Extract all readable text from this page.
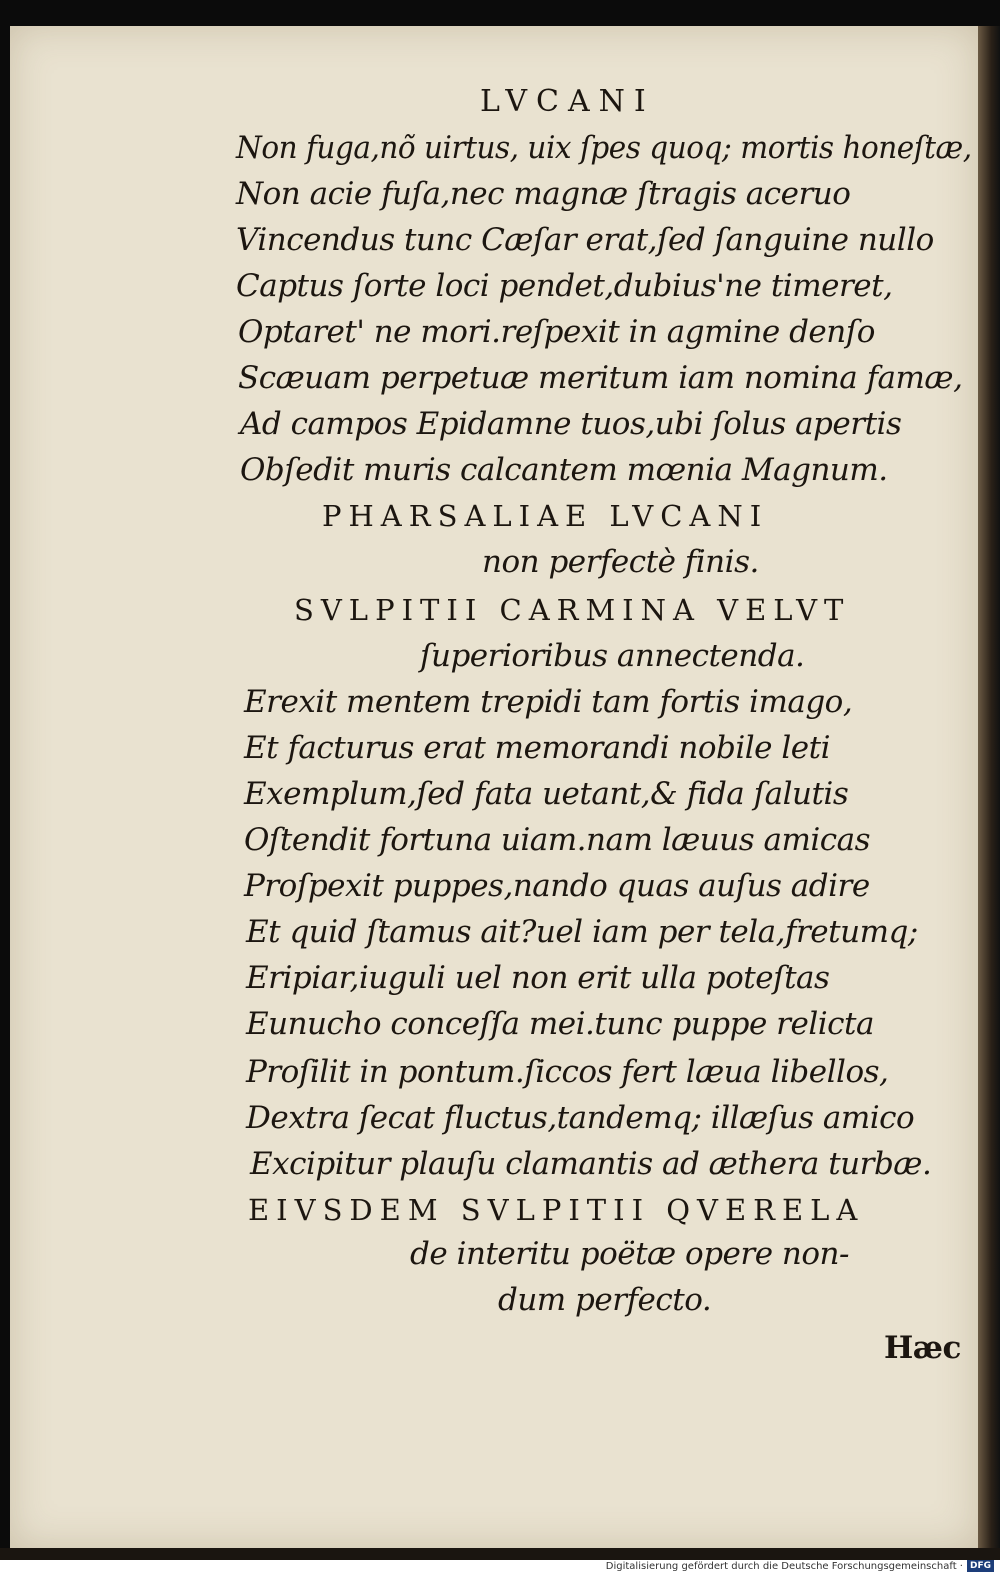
LVCANI
Non fuga,nõ uirtus, uix ſpes quoq; mortis honeſtæ,
Non acie fuſa,nec magnæ ſtragis aceruo
Vincendus tunc Cæſar erat,ſed ſanguine nullo
Captus ſorte loci pendet,dubius'ne timeret,
Optaret' ne mori.reſpexit in agmine denſo
Scæuam perpetuæ meritum iam nomina famæ,
Ad campos Epidamne tuos,ubi ſolus apertis
Obſedit muris calcantem mœnia Magnum.
PHARSALIAE LVCANI
non perfectè finis.
SVLPITII CARMINA VELVT
ſuperioribus annectenda.
Erexit mentem trepidi tam fortis imago,
Et facturus erat memorandi nobile leti
Exemplum,ſed fata uetant,& fida ſalutis
Oſtendit fortuna uiam.nam læuus amicas
Proſpexit puppes,nando quas auſus adire
Et quid ſtamus ait?uel iam per tela,fretumq;
Eripiar,iuguli uel non erit ulla poteſtas
Eunucho conceſſa mei.tunc puppe relicta
Proſilit in pontum.ſiccos fert læua libellos,
Dextra ſecat fluctus,tandemq; illæſus amico
Excipitur plauſu clamantis ad æthera turbæ.
EIVSDEM SVLPITII QVERELA
de interitu poëtæ opere non-
dum perfecto.
Hæc
Digitalisierung gefördert durch die Deutsche Forschungsgemeinschaft · DFG
